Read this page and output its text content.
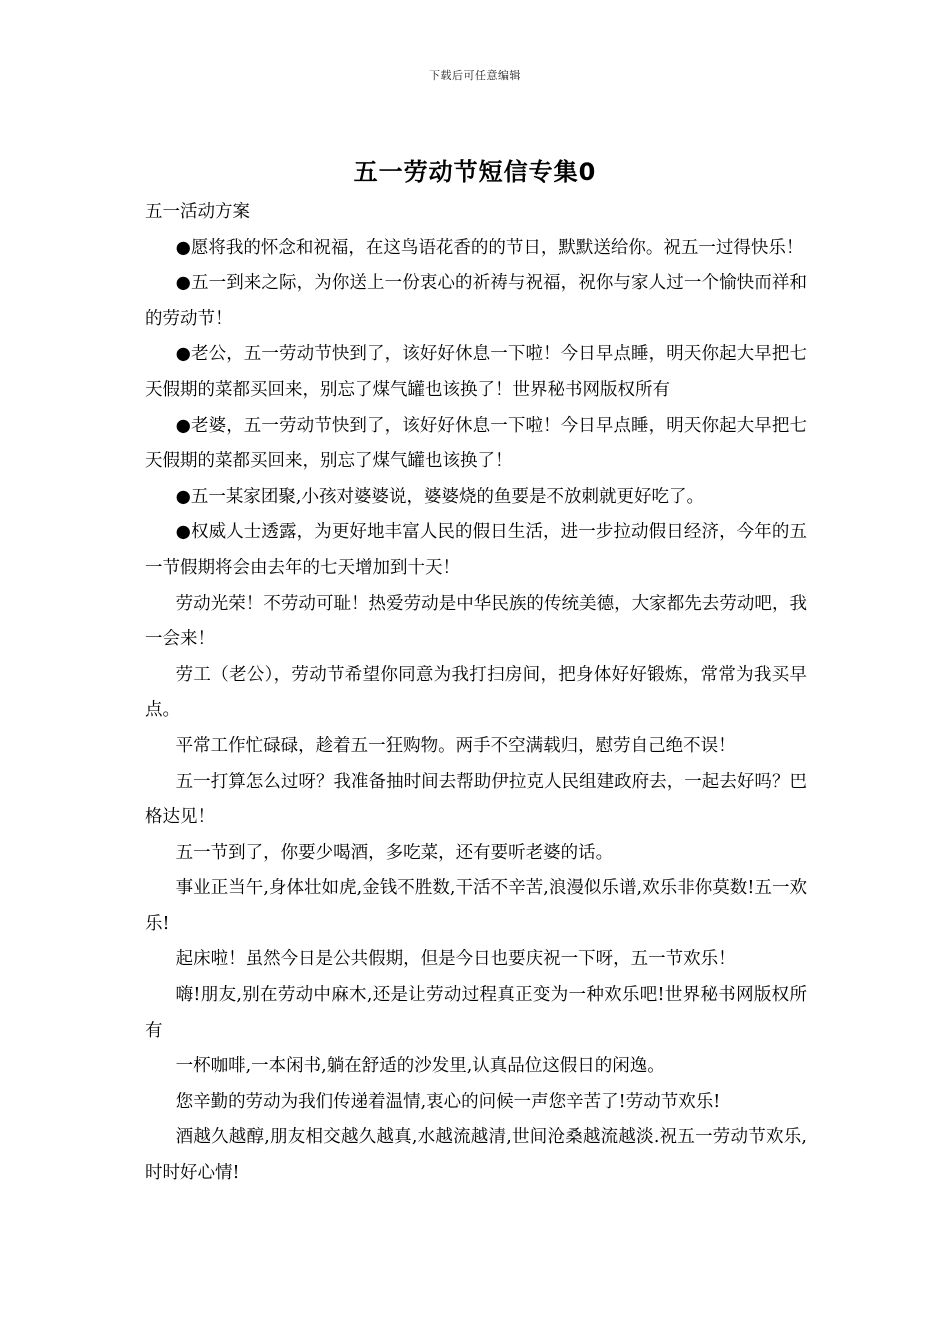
下载后可任意编辑
五一劳动节短信专集0

五一活动方案

●愿将我的怀念和祝福，在这鸟语花香的的节日，默默送给你。祝五一过得快乐！

●五一到来之际，为你送上一份衷心的祈祷与祝福，祝你与家人过一个愉快而祥和的劳动节！

●老公，五一劳动节快到了，该好好休息一下啦！今日早点睡，明天你起大早把七天假期的菜都买回来，别忘了煤气罐也该换了！世界秘书网版权所有

●老婆，五一劳动节快到了，该好好休息一下啦！今日早点睡，明天你起大早把七天假期的菜都买回来，别忘了煤气罐也该换了！

●五一某家团聚,小孩对婆婆说，婆婆烧的鱼要是不放刺就更好吃了。

●权威人士透露，为更好地丰富人民的假日生活，进一步拉动假日经济，今年的五一节假期将会由去年的七天增加到十天！

劳动光荣！不劳动可耻！热爱劳动是中华民族的传统美德，大家都先去劳动吧，我一会来！

劳工（老公），劳动节希望你同意为我打扫房间，把身体好好锻炼，常常为我买早点。

平常工作忙碌碌，趁着五一狂购物。两手不空满载归，慰劳自己绝不误！

五一打算怎么过呀？我准备抽时间去帮助伊拉克人民组建政府去，一起去好吗？巴格达见！

五一节到了，你要少喝酒，多吃菜，还有要听老婆的话。

事业正当午,身体壮如虎,金钱不胜数,干活不辛苦,浪漫似乐谱,欢乐非你莫数!五一欢乐!

起床啦！虽然今日是公共假期，但是今日也要庆祝一下呀，五一节欢乐！

嗨!朋友,别在劳动中麻木,还是让劳动过程真正变为一种欢乐吧!世界秘书网版权所有

一杯咖啡,一本闲书,躺在舒适的沙发里,认真品位这假日的闲逸。

您辛勤的劳动为我们传递着温情,衷心的问候一声您辛苦了!劳动节欢乐!

酒越久越醇,朋友相交越久越真,水越流越清,世间沧桑越流越淡.祝五一劳动节欢乐,时时好心情!
